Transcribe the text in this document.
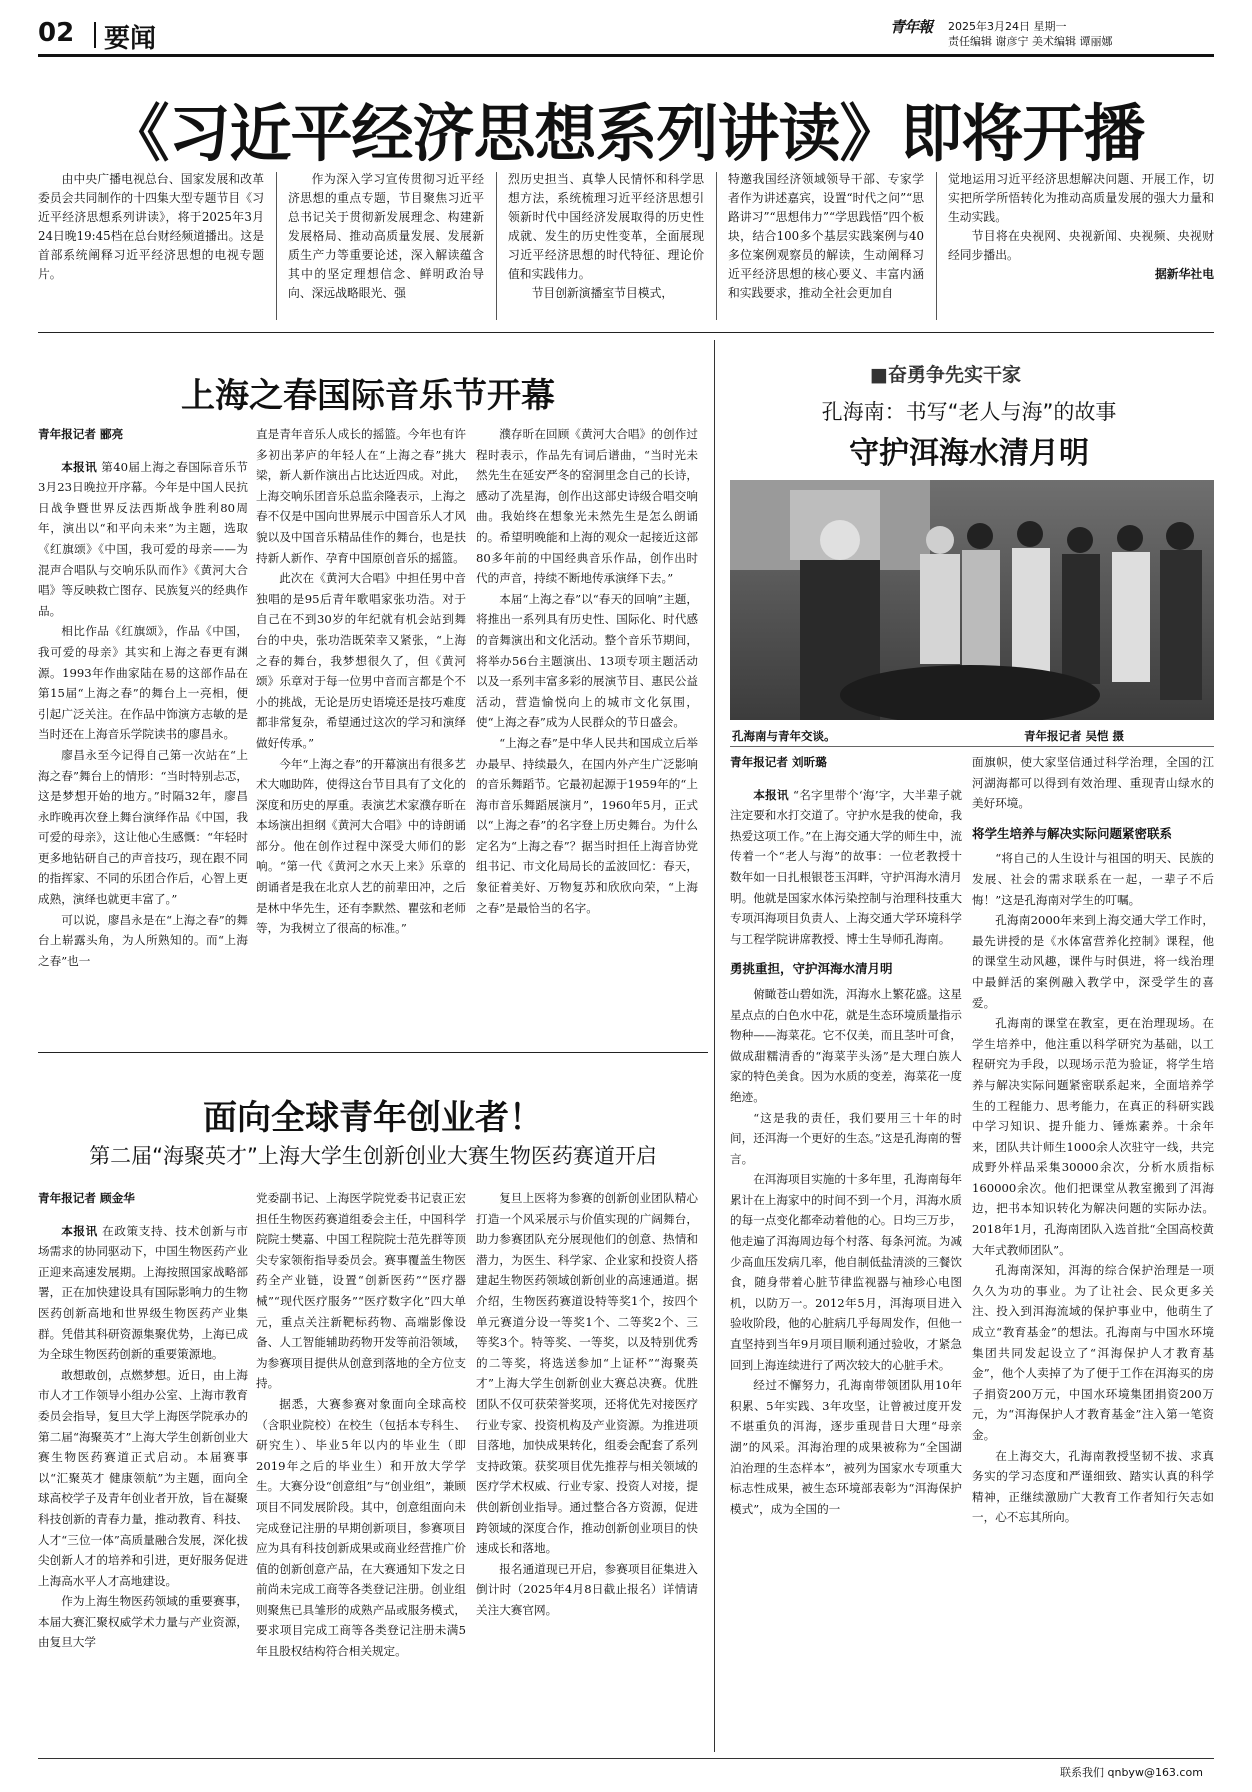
02 要闻	青年報	2025年3月24日 星期一
责任编辑 谢彦宁 美术编辑 谭丽娜
《习近平经济思想系列讲读》即将开播

由中央广播电视总台、国家发展和改革委员会共同制作的十四集大型专题节目《习近平经济思想系列讲读》，将于2025年3月24日晚19:45档在总台财经频道播出。这是首部系统阐释习近平经济思想的电视专题片。

作为深入学习宣传贯彻习近平经济思想的重点专题，节目聚焦习近平总书记关于贯彻新发展理念、构建新发展格局、推动高质量发展、发展新质生产力等重要论述，深入解读蕴含其中的坚定理想信念、鲜明政治导向、深远战略眼光、强

烈历史担当、真挚人民情怀和科学思想方法，系统梳理习近平经济思想引领新时代中国经济发展取得的历史性成就、发生的历史性变革，全面展现习近平经济思想的时代特征、理论价值和实践伟力。

节目创新演播室节目模式，

特邀我国经济领域领导干部、专家学者作为讲述嘉宾，设置“时代之问”“思路讲习”“思想伟力”“学思践悟”四个板块，结合100多个基层实践案例与40多位案例观察员的解读，生动阐释习近平经济思想的核心要义、丰富内涵和实践要求，推动全社会更加自

觉地运用习近平经济思想解决问题、开展工作，切实把所学所悟转化为推动高质量发展的强大力量和生动实践。

节目将在央视网、央视新闻、央视频、央视财经同步播出。

据新华社电

上海之春国际音乐节开幕

青年报记者 郦亮

本报讯 第40届上海之春国际音乐节3月23日晚拉开序幕。今年是中国人民抗日战争暨世界反法西斯战争胜利80周年，演出以“和平向未来”为主题，选取《红旗颂》《中国，我可爱的母亲——为混声合唱队与交响乐队而作》《黄河大合唱》等反映救亡图存、民族复兴的经典作品。

相比作品《红旗颂》，作品《中国，我可爱的母亲》其实和上海之春更有渊源。1993年作曲家陆在易的这部作品在第15届“上海之春”的舞台上一亮相，便引起广泛关注。在作品中饰演方志敏的是当时还在上海音乐学院读书的廖昌永。

廖昌永至今记得自己第一次站在“上海之春”舞台上的情形：“当时特别忐忑，这是梦想开始的地方。”时隔32年，廖昌永昨晚再次登上舞台演绎作品《中国，我可爱的母亲》，这让他心生感慨：“年轻时更多地钻研自己的声音技巧，现在跟不同的指挥家、不同的乐团合作后，心智上更成熟，演绎也就更丰富了。”

可以说，廖昌永是在“上海之春”的舞台上崭露头角，为人所熟知的。而“上海之春”也一

直是青年音乐人成长的摇篮。今年也有许多初出茅庐的年轻人在“上海之春”挑大梁，新人新作演出占比达近四成。对此，上海交响乐团音乐总监余隆表示，上海之春不仅是中国向世界展示中国音乐人才风貌以及中国音乐精品佳作的舞台，也是扶持新人新作、孕育中国原创音乐的摇篮。

此次在《黄河大合唱》中担任男中音独唱的是95后青年歌唱家张功浩。对于自己在不到30岁的年纪就有机会站到舞台的中央，张功浩既荣幸又紧张，“上海之春的舞台，我梦想很久了，但《黄河颂》乐章对于每一位男中音而言都是个不小的挑战，无论是历史语境还是技巧难度都非常复杂，希望通过这次的学习和演绎做好传承。”

今年“上海之春”的开幕演出有很多艺术大咖助阵，使得这台节目具有了文化的深度和历史的厚重。表演艺术家濮存昕在本场演出担纲《黄河大合唱》中的诗朗诵部分。他在创作过程中深受大师们的影响。“第一代《黄河之水天上来》乐章的朗诵者是我在北京人艺的前辈田冲，之后是林中华先生，还有李默然、瞿弦和老师等，为我树立了很高的标准。”

濮存昕在回顾《黄河大合唱》的创作过程时表示，作品先有词后谱曲，“当时光未然先生在延安严冬的窑洞里念自己的长诗，感动了冼星海，创作出这部史诗级合唱交响曲。我始终在想象光未然先生是怎么朗诵的。希望明晚能和上海的观众一起接近这部80多年前的中国经典音乐作品，创作出时代的声音，持续不断地传承演绎下去。”

本届“上海之春”以“春天的回响”主题，将推出一系列具有历史性、国际化、时代感的音舞演出和文化活动。整个音乐节期间，将举办56台主题演出、13项专项主题活动以及一系列丰富多彩的展演节目、惠民公益活动，营造愉悦向上的城市文化氛围，使“上海之春”成为人民群众的节日盛会。

“上海之春”是中华人民共和国成立后举办最早、持续最久，在国内外产生广泛影响的音乐舞蹈节。它最初起源于1959年的“上海市音乐舞蹈展演月”，1960年5月，正式以“上海之春”的名字登上历史舞台。为什么定名为“上海之春”？据当时担任上海音协党组书记、市文化局局长的孟波回忆：春天，象征着美好、万物复苏和欣欣向荣，“上海之春”是最恰当的名字。

面向全球青年创业者！
第二届“海聚英才”上海大学生创新创业大赛生物医药赛道开启

青年报记者 顾金华

本报讯 在政策支持、技术创新与市场需求的协同驱动下，中国生物医药产业正迎来高速发展期。上海按照国家战略部署，正在加快建设具有国际影响力的生物医药创新高地和世界级生物医药产业集群。凭借其科研资源集聚优势，上海已成为全球生物医药创新的重要策源地。

敢想敢创，点燃梦想。近日，由上海市人才工作领导小组办公室、上海市教育委员会指导，复旦大学上海医学院承办的第二届“海聚英才”上海大学生创新创业大赛生物医药赛道正式启动。本届赛事以“汇聚英才 健康领航”为主题，面向全球高校学子及青年创业者开放，旨在凝聚科技创新的青春力量，推动教育、科技、人才“三位一体”高质量融合发展，深化拔尖创新人才的培养和引进，更好服务促进上海高水平人才高地建设。

作为上海生物医药领域的重要赛事，本届大赛汇聚权威学术力量与产业资源，由复旦大学

党委副书记、上海医学院党委书记袁正宏担任生物医药赛道组委会主任，中国科学院院士樊嘉、中国工程院院士范先群等顶尖专家领衔指导委员会。赛事覆盖生物医药全产业链，设置“创新医药”“医疗器械”“现代医疗服务”“医疗数字化”四大单元，重点关注新靶标药物、高端影像设备、人工智能辅助药物开发等前沿领域，为参赛项目提供从创意到落地的全方位支持。

据悉，大赛参赛对象面向全球高校（含职业院校）在校生（包括本专科生、研究生）、毕业5年以内的毕业生（即2019年之后的毕业生）和开放大学学生。大赛分设“创意组”与“创业组”，兼顾项目不同发展阶段。其中，创意组面向未完成登记注册的早期创新项目，参赛项目应为具有科技创新成果或商业经营推广价值的创新创意产品，在大赛通知下发之日前尚未完成工商等各类登记注册。创业组则聚焦已具雏形的成熟产品或服务模式，要求项目完成工商等各类登记注册未满5年且股权结构符合相关规定。

复旦上医将为参赛的创新创业团队精心打造一个风采展示与价值实现的广阔舞台，助力参赛团队充分展现他们的创意、热情和潜力，为医生、科学家、企业家和投资人搭建起生物医药领域创新创业的高速通道。据介绍，生物医药赛道设特等奖1个，按四个单元赛道分设一等奖1个、二等奖2个、三等奖3个。特等奖、一等奖，以及特别优秀的二等奖，将选送参加“上证杯”“海聚英才”上海大学生创新创业大赛总决赛。优胜团队不仅可获荣誉奖项，还将优先对接医疗行业专家、投资机构及产业资源。为推进项目落地，加快成果转化，组委会配套了系列支持政策。获奖项目优先推荐与相关领域的医疗学术权威、行业专家、投资人对接，提供创新创业指导。通过整合各方资源，促进跨领域的深度合作，推动创新创业项目的快速成长和落地。

报名通道现已开启，参赛项目征集进入倒计时（2025年4月8日截止报名）详情请关注大赛官网。

■奋勇争先实干家
孔海南：书写“老人与海”的故事
守护洱海水清月明
孔海南与青年交谈。	青年报记者 吴恺 摄

青年报记者 刘昕璐

本报讯 “名字里带个‘海’字，大半辈子就注定要和水打交道了。守护水是我的使命，我热爱这项工作。”在上海交通大学的师生中，流传着一个“老人与海”的故事：一位老教授十数年如一日扎根银苍玉洱畔，守护洱海水清月明。他就是国家水体污染控制与治理科技重大专项洱海项目负责人、上海交通大学环境科学与工程学院讲席教授、博士生导师孔海南。

勇挑重担，守护洱海水清月明

俯瞰苍山碧如洗，洱海水上繁花盛。这星星点点的白色水中花，就是生态环境质量指示物种——海菜花。它不仅美，而且茎叶可食，做成甜糯清香的“海菜芋头汤”是大理白族人家的特色美食。因为水质的变差，海菜花一度绝迹。

“这是我的责任，我们要用三十年的时间，还洱海一个更好的生态。”这是孔海南的誓言。

在洱海项目实施的十多年里，孔海南每年累计在上海家中的时间不到一个月，洱海水质的每一点变化都牵动着他的心。日均三万步，他走遍了洱海周边每个村落、每条河流。为减少高血压发病几率，他自制低盐清淡的三餐饮食，随身带着心脏节律监视器与袖珍心电图机，以防万一。2012年5月，洱海项目进入验收阶段，他的心脏病几乎每周发作，但他一直坚持到当年9月项目顺利通过验收，才紧急回到上海连续进行了两次较大的心脏手术。

经过不懈努力，孔海南带领团队用10年积累、5年实践、3年攻坚，让曾被过度开发不堪重负的洱海，逐步重现昔日大理“母亲湖”的风采。洱海治理的成果被称为“全国湖泊治理的生态样本”，被列为国家水专项重大标志性成果，被生态环境部表彰为“洱海保护模式”，成为全国的一

面旗帜，使大家坚信通过科学治理，全国的江河湖海都可以得到有效治理、重现青山绿水的美好环境。

将学生培养与解决实际问题紧密联系

“将自己的人生设计与祖国的明天、民族的发展、社会的需求联系在一起，一辈子不后悔！”这是孔海南对学生的叮嘱。

孔海南2000年来到上海交通大学工作时，最先讲授的是《水体富营养化控制》课程，他的课堂生动风趣，课件与时俱进，将一线治理中最鲜活的案例融入教学中，深受学生的喜爱。

孔海南的课堂在教室，更在治理现场。在学生培养中，他注重以科学研究为基础，以工程研究为手段，以现场示范为验证，将学生培养与解决实际问题紧密联系起来，全面培养学生的工程能力、思考能力，在真正的科研实践中学习知识、提升能力、锤炼素养。十余年来，团队共计师生1000余人次驻守一线，共完成野外样品采集30000余次，分析水质指标160000余次。他们把课堂从教室搬到了洱海边，把书本知识转化为解决问题的实际办法。2018年1月，孔海南团队入选首批“全国高校黄大年式教师团队”。

孔海南深知，洱海的综合保护治理是一项久久为功的事业。为了让社会、民众更多关注、投入到洱海流域的保护事业中，他萌生了成立“教育基金”的想法。孔海南与中国水环境集团共同发起设立了“洱海保护人才教育基金”，他个人卖掉了为了便于工作在洱海买的房子捐资200万元，中国水环境集团捐资200万元，为“洱海保护人才教育基金”注入第一笔资金。

在上海交大，孔海南教授坚韧不拔、求真务实的学习态度和严谨细致、踏实认真的科学精神，正继续激励广大教育工作者知行矢志如一，心不忘其所向。

联系我们 qnbyw@163.com
